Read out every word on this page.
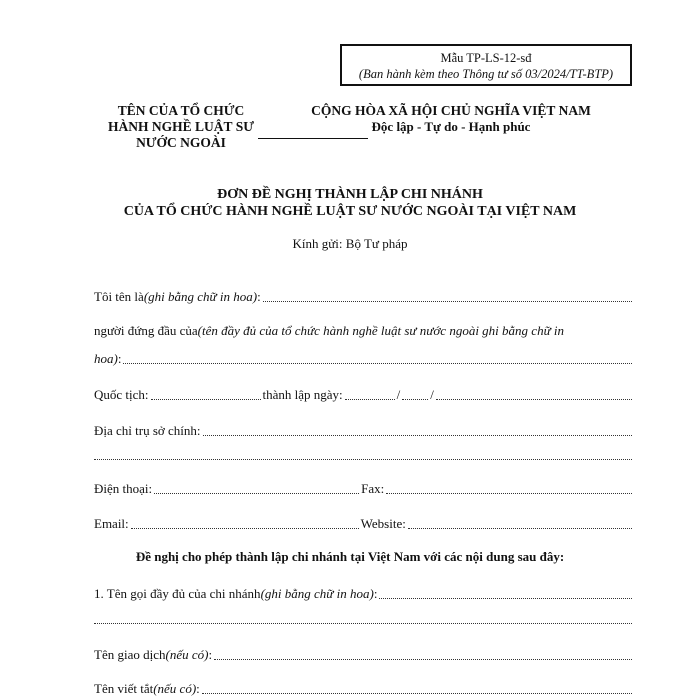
Mẫu TP-LS-12-sđ
(Ban hành kèm theo Thông tư số 03/2024/TT-BTP)
TÊN CỦA TỔ CHỨC
HÀNH NGHỀ LUẬT SƯ
NƯỚC NGOÀI
CỘNG HÒA XÃ HỘI CHỦ NGHĨA VIỆT NAM
Độc lập - Tự do - Hạnh phúc
ĐƠN ĐỀ NGHỊ THÀNH LẬP CHI NHÁNH
CỦA TỔ CHỨC HÀNH NGHỀ LUẬT SƯ NƯỚC NGOÀI TẠI VIỆT NAM
Kính gửi: Bộ Tư pháp
Tôi tên là (ghi bằng chữ in hoa) :
người đứng đầu của (tên đầy đủ của tổ chức hành nghề luật sư nước ngoài ghi bằng chữ in
hoa) :
Quốc tịch:	thành lập ngày:	/ /
Địa chỉ trụ sở chính:
Điện thoại:	Fax:
Email:	Website:
Đề nghị cho phép thành lập chi nhánh tại Việt Nam với các nội dung sau đây:
1. Tên gọi đầy đủ của chi nhánh (ghi bằng chữ in hoa) :
Tên giao dịch (nếu có) :
Tên viết tắt (nếu có) :
